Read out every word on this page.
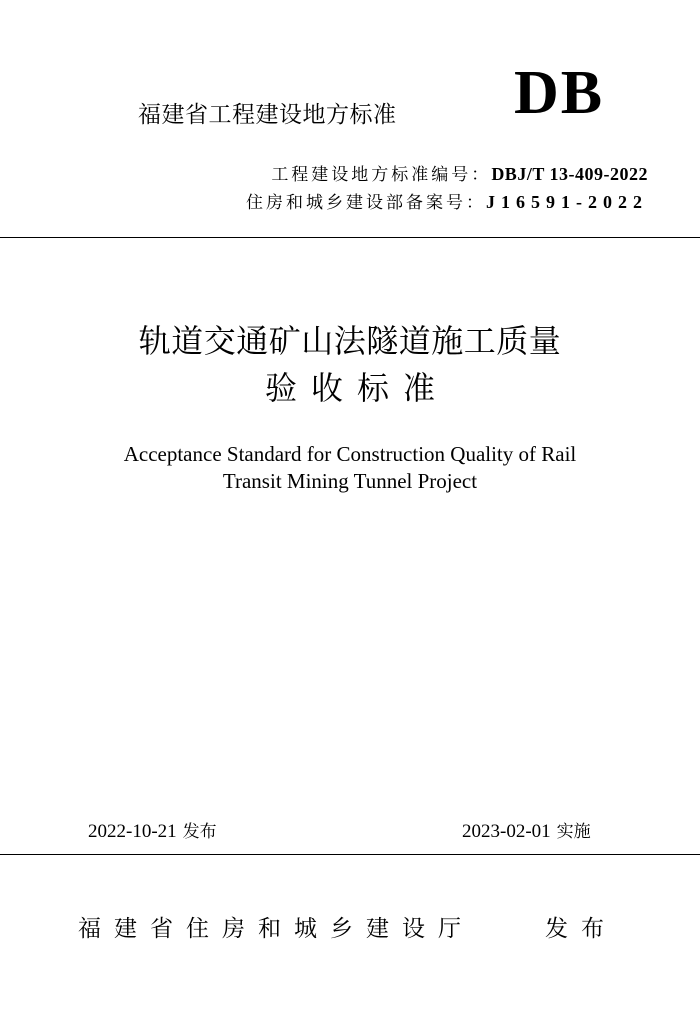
福建省工程建设地方标准 DB

工程建设地方标准编号：DBJ/T 13-409-2022

住房和城乡建设部备案号：J16591-2022

轨道交通矿山法隧道施工质量
验收标准

Acceptance Standard for Construction Quality of Rail

Transit Mining Tunnel Project

2022-10-21 发布	2023-02-01 实施

福建省住房和城乡建设厅	发布
